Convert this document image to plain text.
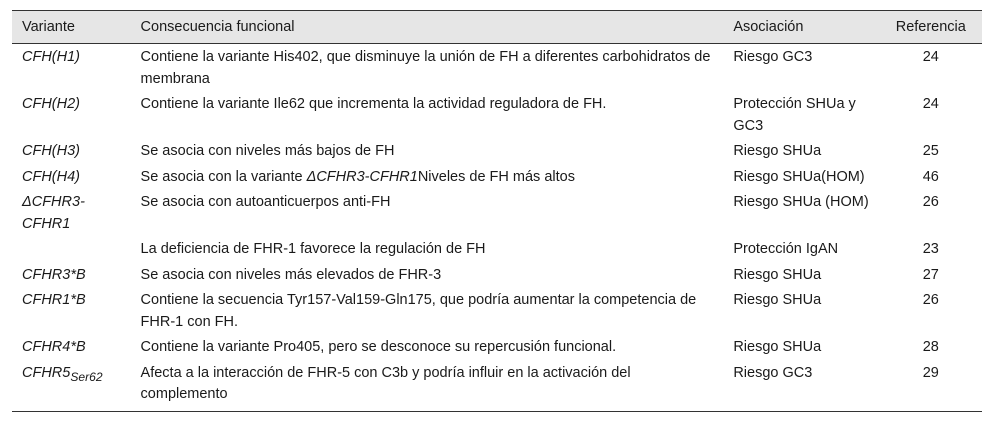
Variante	Consecuencia funcional	Asociación	Referencia
CFH(H1)	Contiene la variante His402, que disminuye la unión de FH a diferentes carbohidratos de membrana	Riesgo GC3	24
CFH(H2)	Contiene la variante Ile62 que incrementa la actividad reguladora de FH.	Protección SHUa y GC3	24
CFH(H3)	Se asocia con niveles más bajos de FH	Riesgo SHUa	25
CFH(H4)	Se asocia con la variante ΔCFHR3-CFHR1Niveles de FH más altos	Riesgo SHUa(HOM)	46
ΔCFHR3-CFHR1	Se asocia con autoanticuerpos anti-FH	Riesgo SHUa (HOM)	26
	La deficiencia de FHR-1 favorece la regulación de FH	Protección IgAN	23
CFHR3*B	Se asocia con niveles más elevados de FHR-3	Riesgo SHUa	27
CFHR1*B	Contiene la secuencia Tyr157-Val159-Gln175, que podría aumentar la competencia de FHR-1 con FH.	Riesgo SHUa	26
CFHR4*B	Contiene la variante Pro405, pero se desconoce su repercusión funcional.	Riesgo SHUa	28
$CFHR5_{Ser62}$	Afecta a la interacción de FHR-5 con C3b y podría influir en la activación del complemento	Riesgo GC3	29
